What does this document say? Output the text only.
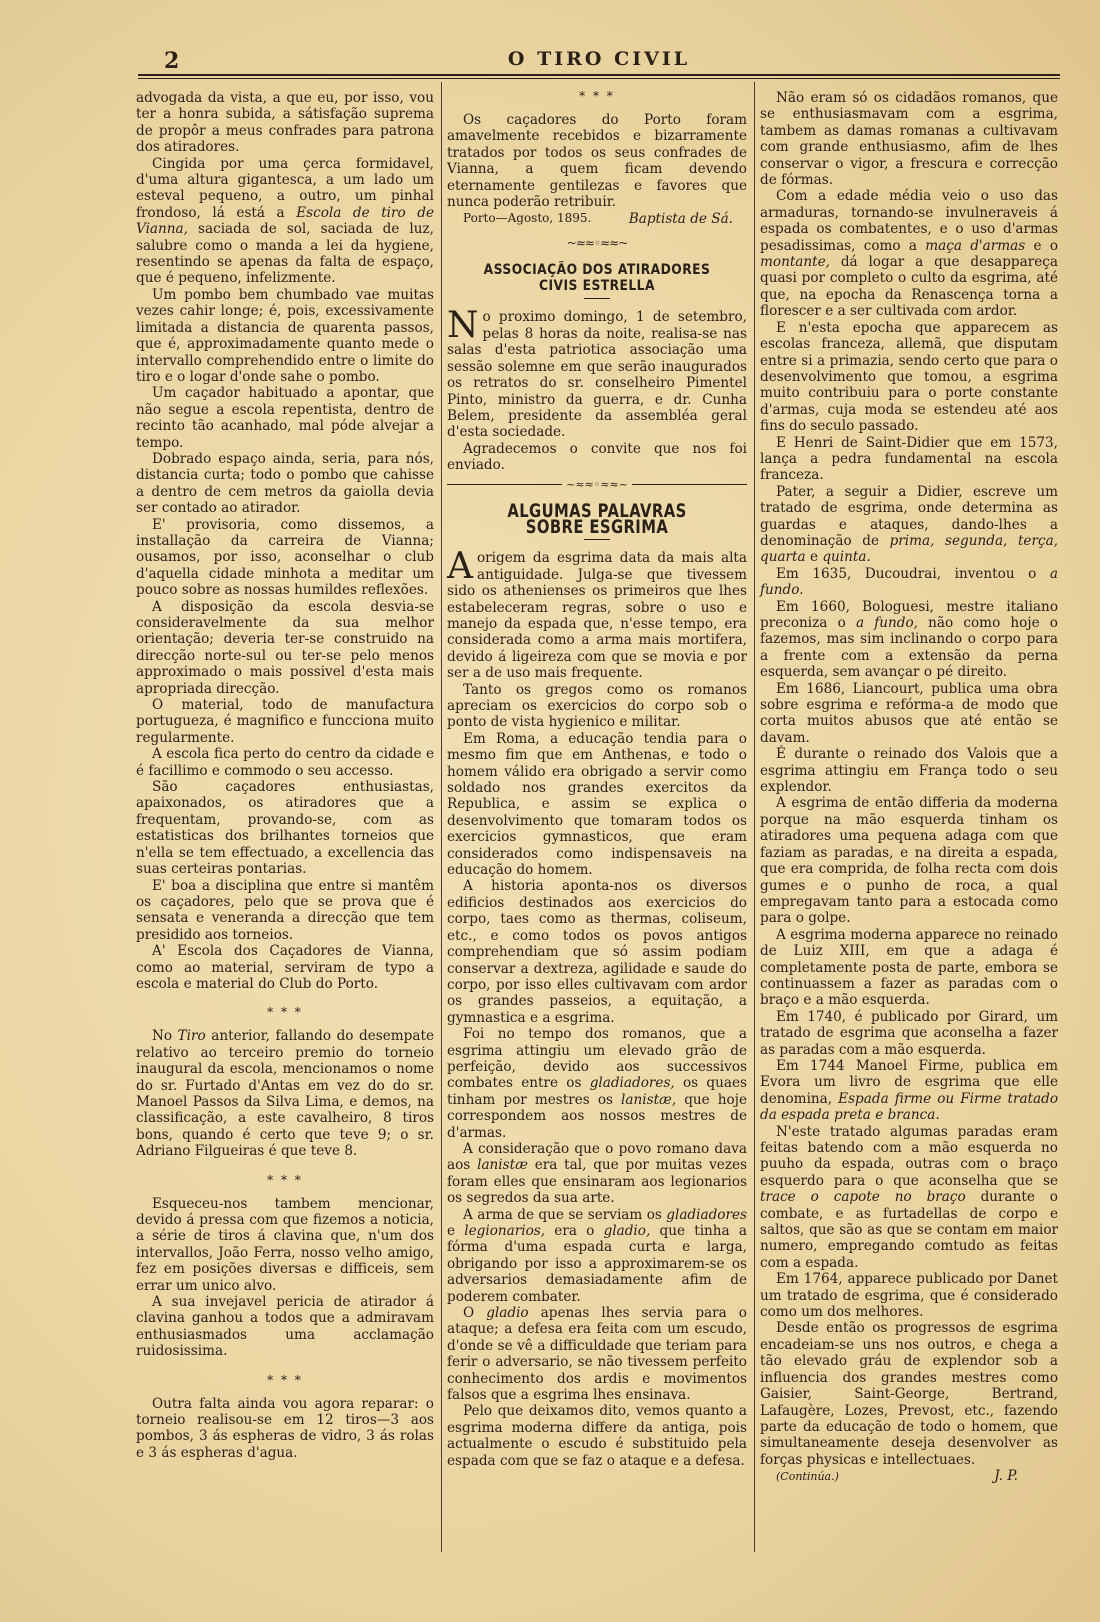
2	O TIRO CIVIL

advogada da vista, a que eu, por isso, vou ter a honra subida, a sátisfação suprema de propôr a meus confrades para patrona dos atiradores.

Cingida por uma çerca formidavel, d'uma altura gigantesca, a um lado um esteval pequeno, a outro, um pinhal frondoso, lá está a Escola de tiro de Vianna, saciada de sol, saciada de luz, salubre como o manda a lei da hygiene, resentindo se apenas da falta de espaço, que é pequeno, infelizmente.

Um pombo bem chumbado vae muitas vezes cahir longe; é, pois, excessivamente limitada a distancia de quarenta passos, que é, approximadamente quanto mede o intervallo comprehendido entre o limite do tiro e o logar d'onde sahe o pombo.

Um caçador habituado a apontar, que não segue a escola repentista, dentro de recinto tão acanhado, mal póde alvejar a tempo.

Dobrado espaço ainda, seria, para nós, distancia curta; todo o pombo que cahisse a dentro de cem metros da gaiolla devia ser contado ao atirador.

E' provisoria, como dissemos, a installação da carreira de Vianna; ousamos, por isso, aconselhar o club d'aquella cidade minhota a meditar um pouco sobre as nossas humildes reflexões.

A disposição da escola desvia-se consideravelmente da sua melhor orientação; deveria ter-se construido na direcção norte-sul ou ter-se pelo menos approximado o mais possivel d'esta mais apropriada direcção.

O material, todo de manufactura portugueza, é magnifico e funcciona muito regularmente.

A escola fica perto do centro da cidade e é facillimo e commodo o seu accesso.

São caçadores enthusiastas, apaixonados, os atiradores que a frequentam, provando-se, com as estatisticas dos brilhantes torneios que n'ella se tem effectuado, a excellencia das suas certeiras pontarias.

E' boa a disciplina que entre si mantêm os caçadores, pelo que se prova que é sensata e veneranda a direcção que tem presidido aos torneios.

A' Escola dos Caçadores de Vianna, como ao material, serviram de typo a escola e material do Club do Porto.

* * *

No Tiro anterior, fallando do desempate relativo ao terceiro premio do torneio inaugural da escola, mencionamos o nome do sr. Furtado d'Antas em vez do do sr. Manoel Passos da Silva Lima, e demos, na classificação, a este cavalheiro, 8 tiros bons, quando é certo que teve 9; o sr. Adriano Filgueiras é que teve 8.

* * *

Esqueceu-nos tambem mencionar, devido á pressa com que fizemos a noticia, a série de tiros á clavina que, n'um dos intervallos, João Ferra, nosso velho amigo, fez em posições diversas e difficeis, sem errar um unico alvo.

A sua invejavel pericia de atirador á clavina ganhou a todos que a admiravam enthusiasmados uma acclamação ruidosissima.

* * *

Outra falta ainda vou agora reparar: o torneio realisou-se em 12 tiros—3 aos pombos, 3 ás espheras de vidro, 3 ás rolas e 3 ás espheras d'agua.

* * *

Os caçadores do Porto foram amavelmente recebidos e bizarramente tratados por todos os seus confrades de Vianna, a quem ficam devendo eternamente gentilezas e favores que nunca poderão retribuir.

Porto—Agosto, 1895.	Baptista de Sá.
~≈≈◦≈≈~
ASSOCIAÇÃO DOS ATIRADORES CIVIS ESTRELLA

No proximo domingo, 1 de setembro, pelas 8 horas da noite, realisa-se nas salas d'esta patriotica associação uma sessão solemne em que serão inaugurados os retratos do sr. conselheiro Pimentel Pinto, ministro da guerra, e dr. Cunha Belem, presidente da assembléa geral d'esta sociedade.

Agradecemos o convite que nos foi enviado.

~≈≈◦≈≈~
ALGUMAS PALAVRAS SOBRE ESGRIMA

A origem da esgrima data da mais alta antiguidade. Julga-se que tivessem sido os athenienses os primeiros que lhes estabeleceram regras, sobre o uso e manejo da espada que, n'esse tempo, era considerada como a arma mais mortifera, devido á ligeireza com que se movia e por ser a de uso mais frequente.

Tanto os gregos como os romanos apreciam os exercicios do corpo sob o ponto de vista hygienico e militar.

Em Roma, a educação tendia para o mesmo fim que em Anthenas, e todo o homem válido era obrigado a servir como soldado nos grandes exercitos da Republica, e assim se explica o desenvolvimento que tomaram todos os exercicios gymnasticos, que eram considerados como indispensaveis na educação do homem.

A historia aponta-nos os diversos edificios destinados aos exercicios do corpo, taes como as thermas, coliseum, etc., e como todos os povos antigos comprehendiam que só assim podiam conservar a dextreza, agilidade e saude do corpo, por isso elles cultivavam com ardor os grandes passeios, a equitação, a gymnastica e a esgrima.

Foi no tempo dos romanos, que a esgrima attingiu um elevado grão de perfeição, devido aos successivos combates entre os gladiadores, os quaes tinham por mestres os lanistæ, que hoje correspondem aos nossos mestres de d'armas.

A consideração que o povo romano dava aos lanistæ era tal, que por muitas vezes foram elles que ensinaram aos legionarios os segredos da sua arte.

A arma de que se serviam os gladiadores e legionarios, era o gladio, que tinha a fórma d'uma espada curta e larga, obrigando por isso a approximarem-se os adversarios demasiadamente afim de poderem combater.

O gladio apenas lhes servia para o ataque; a defesa era feita com um escudo, d'onde se vê a difficuldade que teriam para ferir o adversario, se não tivessem perfeito conhecimento dos ardis e movimentos falsos que a esgrima lhes ensinava.

Pelo que deixamos dito, vemos quanto a esgrima moderna differe da antiga, pois actualmente o escudo é substituido pela espada com que se faz o ataque e a defesa.

Não eram só os cidadãos romanos, que se enthusiasmavam com a esgrima, tambem as damas romanas a cultivavam com grande enthusiasmo, afim de lhes conservar o vigor, a frescura e correcção de fórmas.

Com a edade média veio o uso das armaduras, tornando-se invulneraveis á espada os combatentes, e o uso d'armas pesadissimas, como a maça d'armas e o montante, dá logar a que desappareça quasi por completo o culto da esgrima, até que, na epocha da Renascença torna a florescer e a ser cultivada com ardor.

E n'esta epocha que apparecem as escolas franceza, allemã, que disputam entre si a primazia, sendo certo que para o desenvolvimento que tomou, a esgrima muito contribuiu para o porte constante d'armas, cuja moda se estendeu até aos fins do seculo passado.

E Henri de Saint-Didier que em 1573, lança a pedra fundamental na escola franceza.

Pater, a seguir a Didier, escreve um tratado de esgrima, onde determina as guardas e ataques, dando-lhes a denominação de prima, segunda, terça, quarta e quinta.

Em 1635, Ducoudrai, inventou o a fundo.

Em 1660, Bologuesi, mestre italiano preconiza o a fundo, não como hoje o fazemos, mas sim inclinando o corpo para a frente com a extensão da perna esquerda, sem avançar o pé direito.

Em 1686, Liancourt, publica uma obra sobre esgrima e refórma-a de modo que corta muitos abusos que até então se davam.

É durante o reinado dos Valois que a esgrima attingiu em França todo o seu explendor.

A esgrima de então differia da moderna porque na mão esquerda tinham os atiradores uma pequena adaga com que faziam as paradas, e na direita a espada, que era comprida, de folha recta com dois gumes e o punho de roca, a qual empregavam tanto para a estocada como para o golpe.

A esgrima moderna apparece no reinado de Luiz XIII, em que a adaga é completamente posta de parte, embora se continuassem a fazer as paradas com o braço e a mão esquerda.

Em 1740, é publicado por Girard, um tratado de esgrima que aconselha a fazer as paradas com a mão esquerda.

Em 1744 Manoel Firme, publica em Evora um livro de esgrima que elle denomina, Espada firme ou Firme tratado da espada preta e branca.

N'este tratado algumas paradas eram feitas batendo com a mão esquerda no puuho da espada, outras com o braço esquerdo para o que aconselha que se trace o capote no braço durante o combate, e as furtadellas de corpo e saltos, que são as que se contam em maior numero, empregando comtudo as feitas com a espada.

Em 1764, apparece publicado por Danet um tratado de esgrima, que é considerado como um dos melhores.

Desde então os progressos de esgrima encadeiam-se uns nos outros, e chega a tão elevado gráu de explendor sob a influencia dos grandes mestres como Gaisier, Saint-George, Bertrand, Lafaugère, Lozes, Prevost, etc., fazendo parte da educação de todo o homem, que simultaneamente deseja desenvolver as forças physicas e intellectuaes.

(Continúa.)	J. P.
